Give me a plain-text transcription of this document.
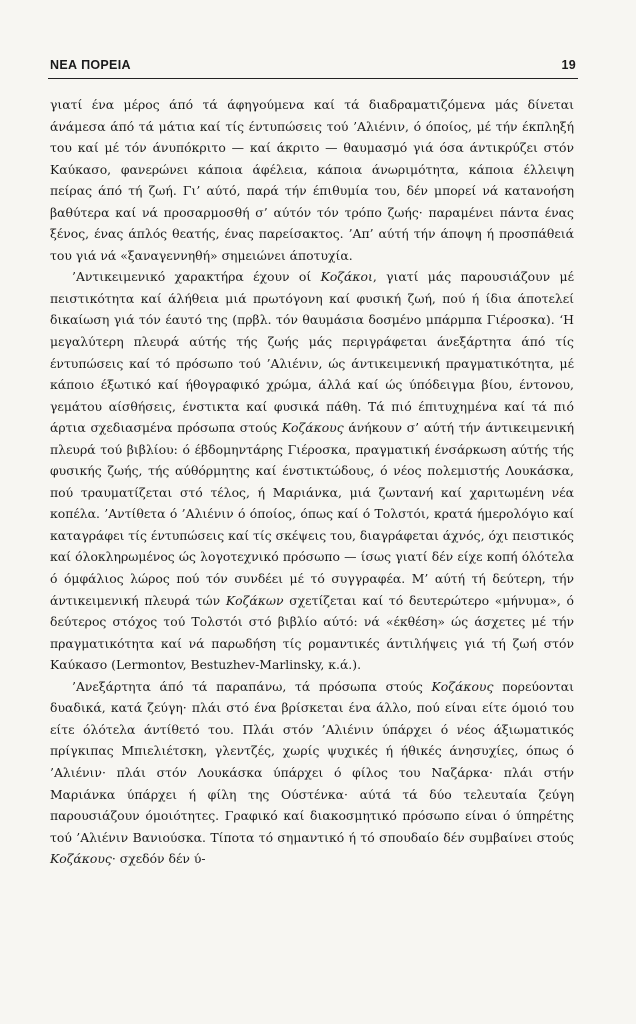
ΝΕΑ ΠΟΡΕΙΑ	19

γιατί ένα μέρος άπό τά άφηγούμενα καί τά διαδραματιζόμενα μάς δίνεται άνάμεσα άπό τά μάτια καί τίς έντυπώσεις τού ’Αλιένιν, ό όποίος, μέ τήν έκπληξή του καί μέ τόν άνυπόκριτο — καί άκριτο — θαυμασμό γιά όσα άντικρύζει στόν Καύκασο, φανερώνει κάποια άφέλεια, κάποια άνωριμότητα, κάποια έλλειψη πείρας άπό τή ζωή. Γι’ αύτό, παρά τήν έπιθυμία του, δέν μπορεί νά κατανοήση βαθύτερα καί νά προσαρμοσθή σ’ αύτόν τόν τρόπο ζωής· παραμένει πάντα ένας ξένος, ένας άπλός θεατής, ένας παρείσακτος. ’Απ’ αύτή τήν άποψη ή προσπάθειά του γιά νά «ξαναγεννηθή» σημειώνει άποτυχία.

’Αντικειμενικό χαρακτήρα έχουν οί Κοζάκοι, γιατί μάς παρουσιάζουν μέ πειστικότητα καί άλήθεια μιά πρωτόγονη καί φυσική ζωή, πού ή ίδια άποτελεί δικαίωση γιά τόν έαυτό της (πρβλ. τόν θαυμάσια δοσμένο μπάρμπα Γιέροσκα). ‘Η μεγαλύτερη πλευρά αύτής τής ζωής μάς περιγράφεται άνεξάρτητα άπό τίς έντυπώσεις καί τό πρόσωπο τού ’Αλιένιν, ώς άντικειμενική πραγματικότητα, μέ κάποιο έξωτικό καί ήθογραφικό χρώμα, άλλά καί ώς ύπόδειγμα βίου, έντονου, γεμάτου αίσθήσεις, ένστικτα καί φυσικά πάθη. Τά πιό έπιτυχημένα καί τά πιό άρτια σχεδιασμένα πρόσωπα στούς Κοζάκους άνήκουν σ’ αύτή τήν άντικειμενική πλευρά τού βιβλίου: ό έβδομηντάρης Γιέροσκα, πραγματική ένσάρκωση αύτής τής φυσικής ζωής, τής αύθόρμητης καί ένστικτώδους, ό νέος πολεμιστής Λουκάσκα, πού τραυματίζεται στό τέλος, ή Μαριάνκα, μιά ζωντανή καί χαριτωμένη νέα κοπέλα. ’Αντίθετα ό ’Αλιένιν ό όποίος, όπως καί ό Τολστόι, κρατά ήμερολόγιο καί καταγράφει τίς έντυπώσεις καί τίς σκέψεις του, διαγράφεται άχνός, όχι πειστικός καί όλοκληρωμένος ώς λογοτεχνικό πρόσωπο — ίσως γιατί δέν είχε κοπή όλότελα ό όμφάλιος λώρος πού τόν συνδέει μέ τό συγγραφέα. Μ’ αύτή τή δεύτερη, τήν άντικειμενική πλευρά τών Κοζάκων σχετίζεται καί τό δευτερώτερο «μήνυμα», ό δεύτερος στόχος τού Τολστόι στό βιβλίο αύτό: νά «έκθέση» ώς άσχετες μέ τήν πραγματικότητα καί νά παρωδήση τίς ρομαντικές άντιλήψεις γιά τή ζωή στόν Καύκασο (Lermontov, Bestuzhev-Marlinsky, κ.ά.).

’Ανεξάρτητα άπό τά παραπάνω, τά πρόσωπα στούς Κοζάκους πορεύονται δυαδικά, κατά ζεύγη· πλάι στό ένα βρίσκεται ένα άλλο, πού είναι είτε όμοιό του είτε όλότελα άντίθετό του. Πλάι στόν ’Αλιένιν ύπάρχει ό νέος άξιωματικός πρίγκιπας Μπιελιέτσκη, γλεντζές, χωρίς ψυχικές ή ήθικές άνησυχίες, όπως ό ’Αλιένιν· πλάι στόν Λουκάσκα ύπάρχει ό φίλος του Ναζάρκα· πλάι στήν Μαριάνκα ύπάρχει ή φίλη της Ούστένκα· αύτά τά δύο τελευταία ζεύγη παρουσιάζουν όμοιότητες. Γραφικό καί διακοσμητικό πρόσωπο είναι ό ύπηρέτης τού ’Αλιένιν Βανιούσκα. Τίποτα τό σημαντικό ή τό σπουδαίο δέν συμβαίνει στούς Κοζάκους· σχεδόν δέν ύ-
